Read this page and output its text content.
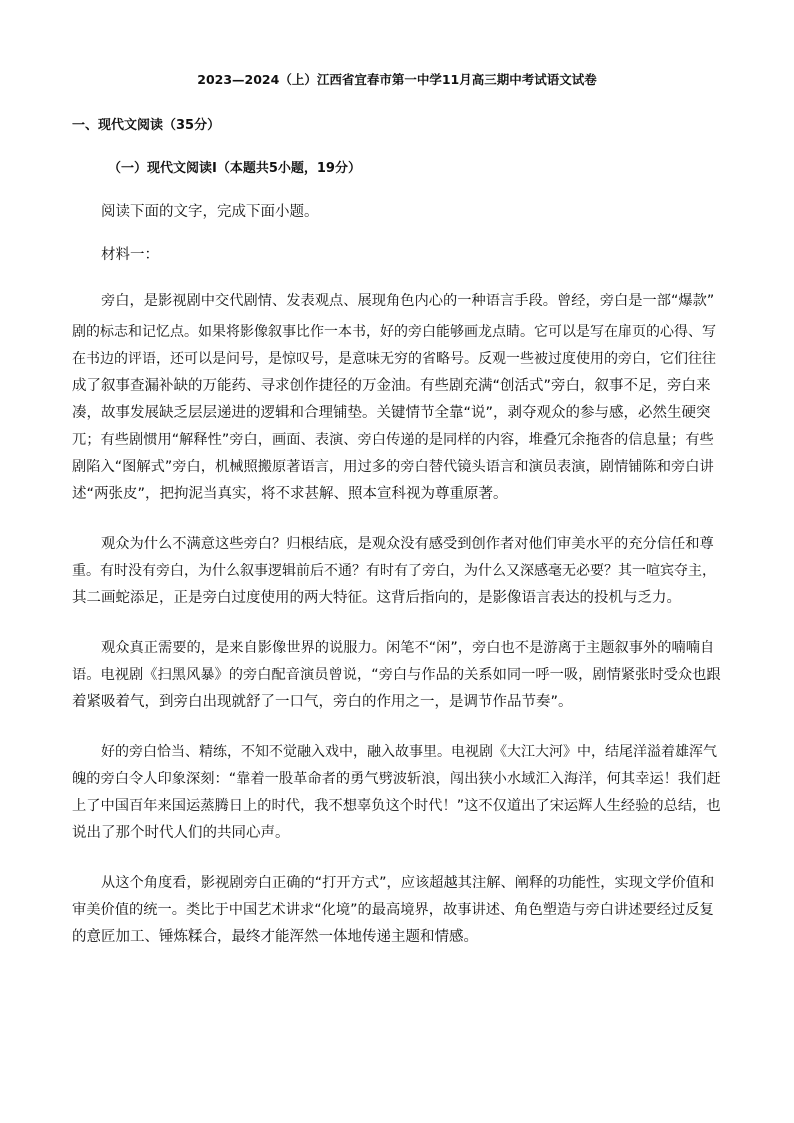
2023—2024（上）江西省宜春市第一中学11月高三期中考试语文试卷
一、现代文阅读（35分）
（一）现代文阅读Ⅰ（本题共5小题，19分）
阅读下面的文字，完成下面小题。
材料一：
旁白，是影视剧中交代剧情、发表观点、展现角色内心的一种语言手段。曾经，旁白是一部“爆款”
剧的标志和记忆点。如果将影像叙事比作一本书，好的旁白能够画龙点睛。它可以是写在扉页的心得、写
在书边的评语，还可以是问号，是惊叹号，是意味无穷的省略号。反观一些被过度使用的旁白，它们往往
成了叙事查漏补缺的万能药、寻求创作捷径的万金油。有些剧充满“创活式”旁白，叙事不足，旁白来
凑，故事发展缺乏层层递进的逻辑和合理铺垫。关键情节全靠“说”，剥夺观众的参与感，必然生硬突
兀；有些剧惯用“解释性”旁白，画面、表演、旁白传递的是同样的内容，堆叠冗余拖沓的信息量；有些
剧陷入“图解式”旁白，机械照搬原著语言，用过多的旁白替代镜头语言和演员表演，剧情铺陈和旁白讲
述“两张皮”，把拘泥当真实，将不求甚解、照本宣科视为尊重原著。
观众为什么不满意这些旁白？归根结底，是观众没有感受到创作者对他们审美水平的充分信任和尊
重。有时没有旁白，为什么叙事逻辑前后不通？有时有了旁白，为什么又深感毫无必要？其一喧宾夺主，
其二画蛇添足，正是旁白过度使用的两大特征。这背后指向的，是影像语言表达的投机与乏力。
观众真正需要的，是来自影像世界的说服力。闲笔不“闲”，旁白也不是游离于主题叙事外的喃喃自
语。电视剧《扫黑风暴》的旁白配音演员曾说，“旁白与作品的关系如同一呼一吸，剧情紧张时受众也跟
着紧吸着气，到旁白出现就舒了一口气，旁白的作用之一，是调节作品节奏”。
好的旁白恰当、精练，不知不觉融入戏中，融入故事里。电视剧《大江大河》中，结尾洋溢着雄浑气
魄的旁白令人印象深刻：“靠着一股革命者的勇气劈波斩浪，闯出狭小水域汇入海洋，何其幸运！我们赶
上了中国百年来国运蒸腾日上的时代，我不想辜负这个时代！”这不仅道出了宋运辉人生经验的总结，也
说出了那个时代人们的共同心声。
从这个角度看，影视剧旁白正确的“打开方式”，应该超越其注解、阐释的功能性，实现文学价值和
审美价值的统一。类比于中国艺术讲求“化境”的最高境界，故事讲述、角色塑造与旁白讲述要经过反复
的意匠加工、锤炼糅合，最终才能浑然一体地传递主题和情感。
